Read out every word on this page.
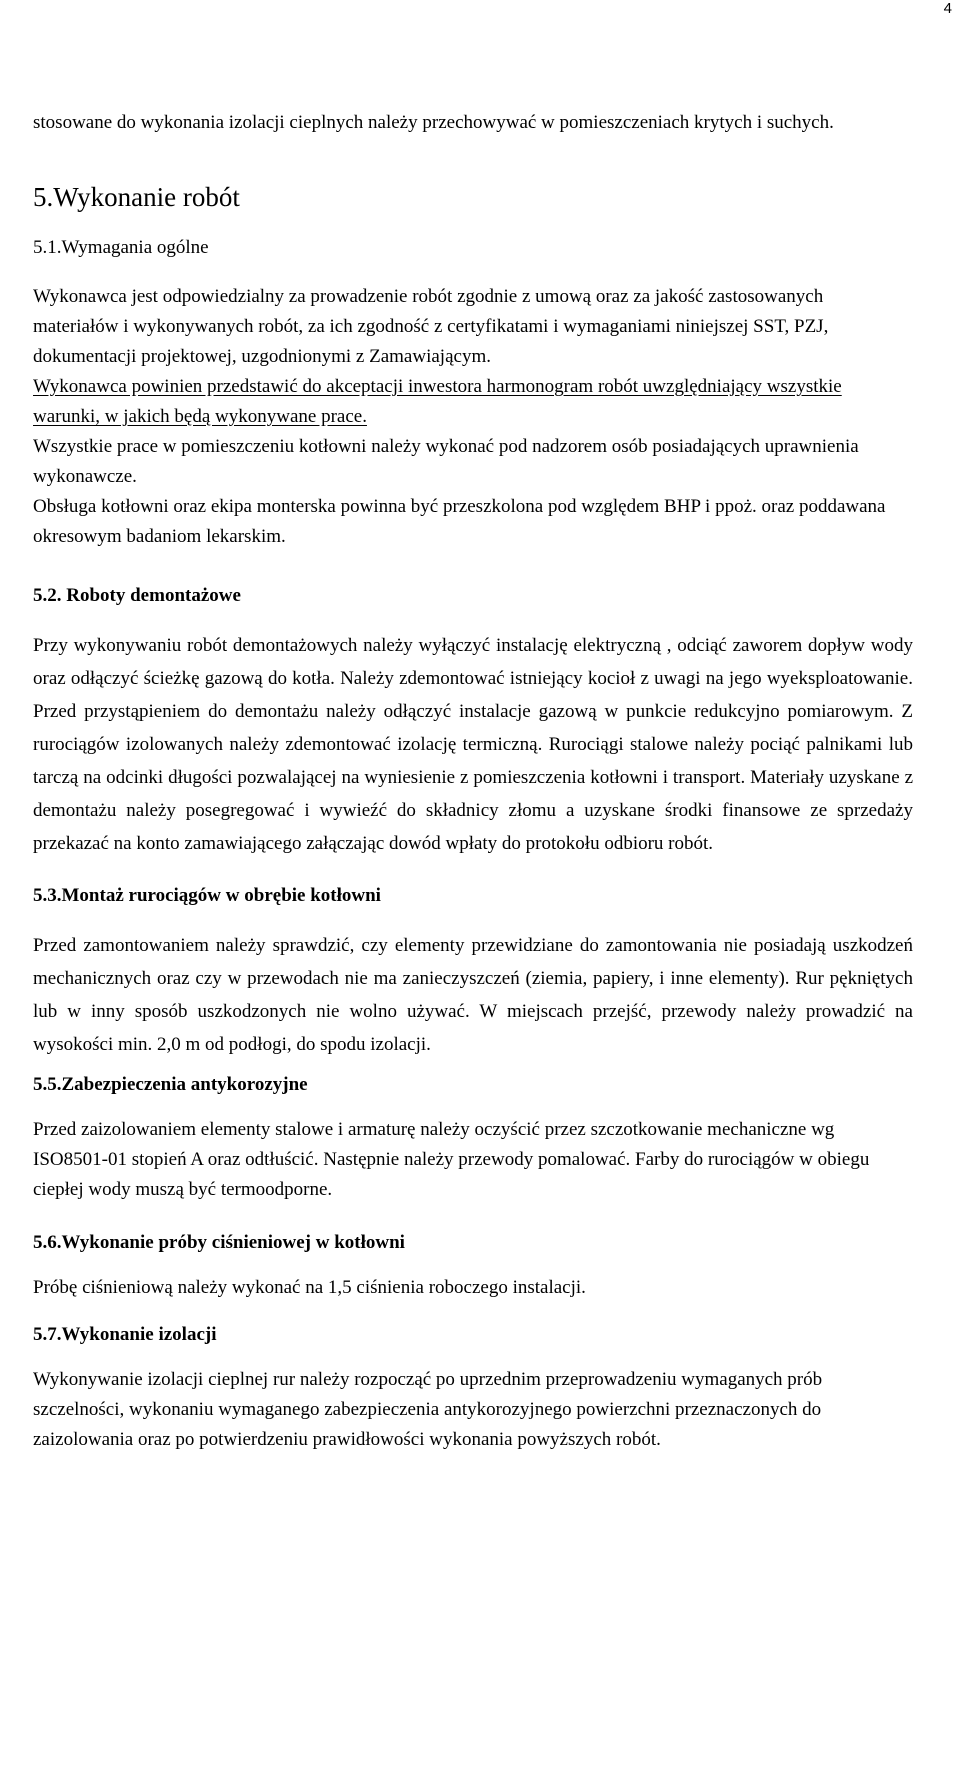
4

stosowane do wykonania izolacji cieplnych należy przechowywać w pomieszczeniach krytych i suchych.

5.Wykonanie robót

5.1.Wymagania ogólne

Wykonawca jest odpowiedzialny za prowadzenie robót zgodnie z umową oraz za jakość zastosowanych materiałów i wykonywanych robót, za ich zgodność z certyfikatami i wymaganiami niniejszej SST, PZJ, dokumentacji projektowej, uzgodnionymi z Zamawiającym.

Wykonawca powinien przedstawić do akceptacji inwestora harmonogram robót uwzględniający wszystkie warunki, w jakich będą wykonywane prace.

Wszystkie prace w pomieszczeniu kotłowni należy wykonać pod nadzorem osób posiadających uprawnienia wykonawcze.

Obsługa kotłowni oraz ekipa monterska powinna być przeszkolona pod względem BHP i ppoż. oraz poddawana okresowym badaniom lekarskim.

5.2. Roboty demontażowe

Przy wykonywaniu robót demontażowych należy wyłączyć instalację elektryczną , odciąć zaworem dopływ wody oraz odłączyć ścieżkę gazową do kotła. Należy zdemontować istniejący kocioł z uwagi na jego wyeksploatowanie. Przed przystąpieniem do demontażu należy odłączyć instalacje gazową w punkcie redukcyjno pomiarowym. Z rurociągów izolowanych należy zdemontować izolację termiczną. Rurociągi stalowe należy pociąć palnikami lub tarczą na odcinki długości pozwalającej na wyniesienie z pomieszczenia kotłowni i transport. Materiały uzyskane z demontażu należy posegregować i wywieźć do składnicy złomu a uzyskane środki finansowe ze sprzedaży przekazać na konto zamawiającego załączając dowód wpłaty do protokołu odbioru robót.

5.3.Montaż rurociągów w obrębie kotłowni

Przed zamontowaniem należy sprawdzić, czy elementy przewidziane do zamontowania nie posiadają uszkodzeń mechanicznych oraz czy w przewodach nie ma zanieczyszczeń (ziemia, papiery, i inne elementy). Rur pękniętych lub w inny sposób uszkodzonych nie wolno używać. W miejscach przejść, przewody należy prowadzić na wysokości min. 2,0 m od podłogi, do spodu izolacji.

5.5.Zabezpieczenia antykorozyjne

Przed zaizolowaniem elementy stalowe i armaturę należy oczyścić przez szczotkowanie mechaniczne wg ISO8501-01 stopień A oraz odtłuścić. Następnie należy przewody pomalować. Farby do rurociągów w obiegu ciepłej wody muszą być termoodporne.

5.6.Wykonanie próby ciśnieniowej w kotłowni

Próbę ciśnieniową należy wykonać na 1,5 ciśnienia roboczego instalacji.

5.7.Wykonanie izolacji

Wykonywanie izolacji cieplnej rur należy rozpocząć po uprzednim przeprowadzeniu wymaganych prób szczelności, wykonaniu wymaganego zabezpieczenia antykorozyjnego powierzchni przeznaczonych do zaizolowania oraz po potwierdzeniu prawidłowości wykonania powyższych robót.
